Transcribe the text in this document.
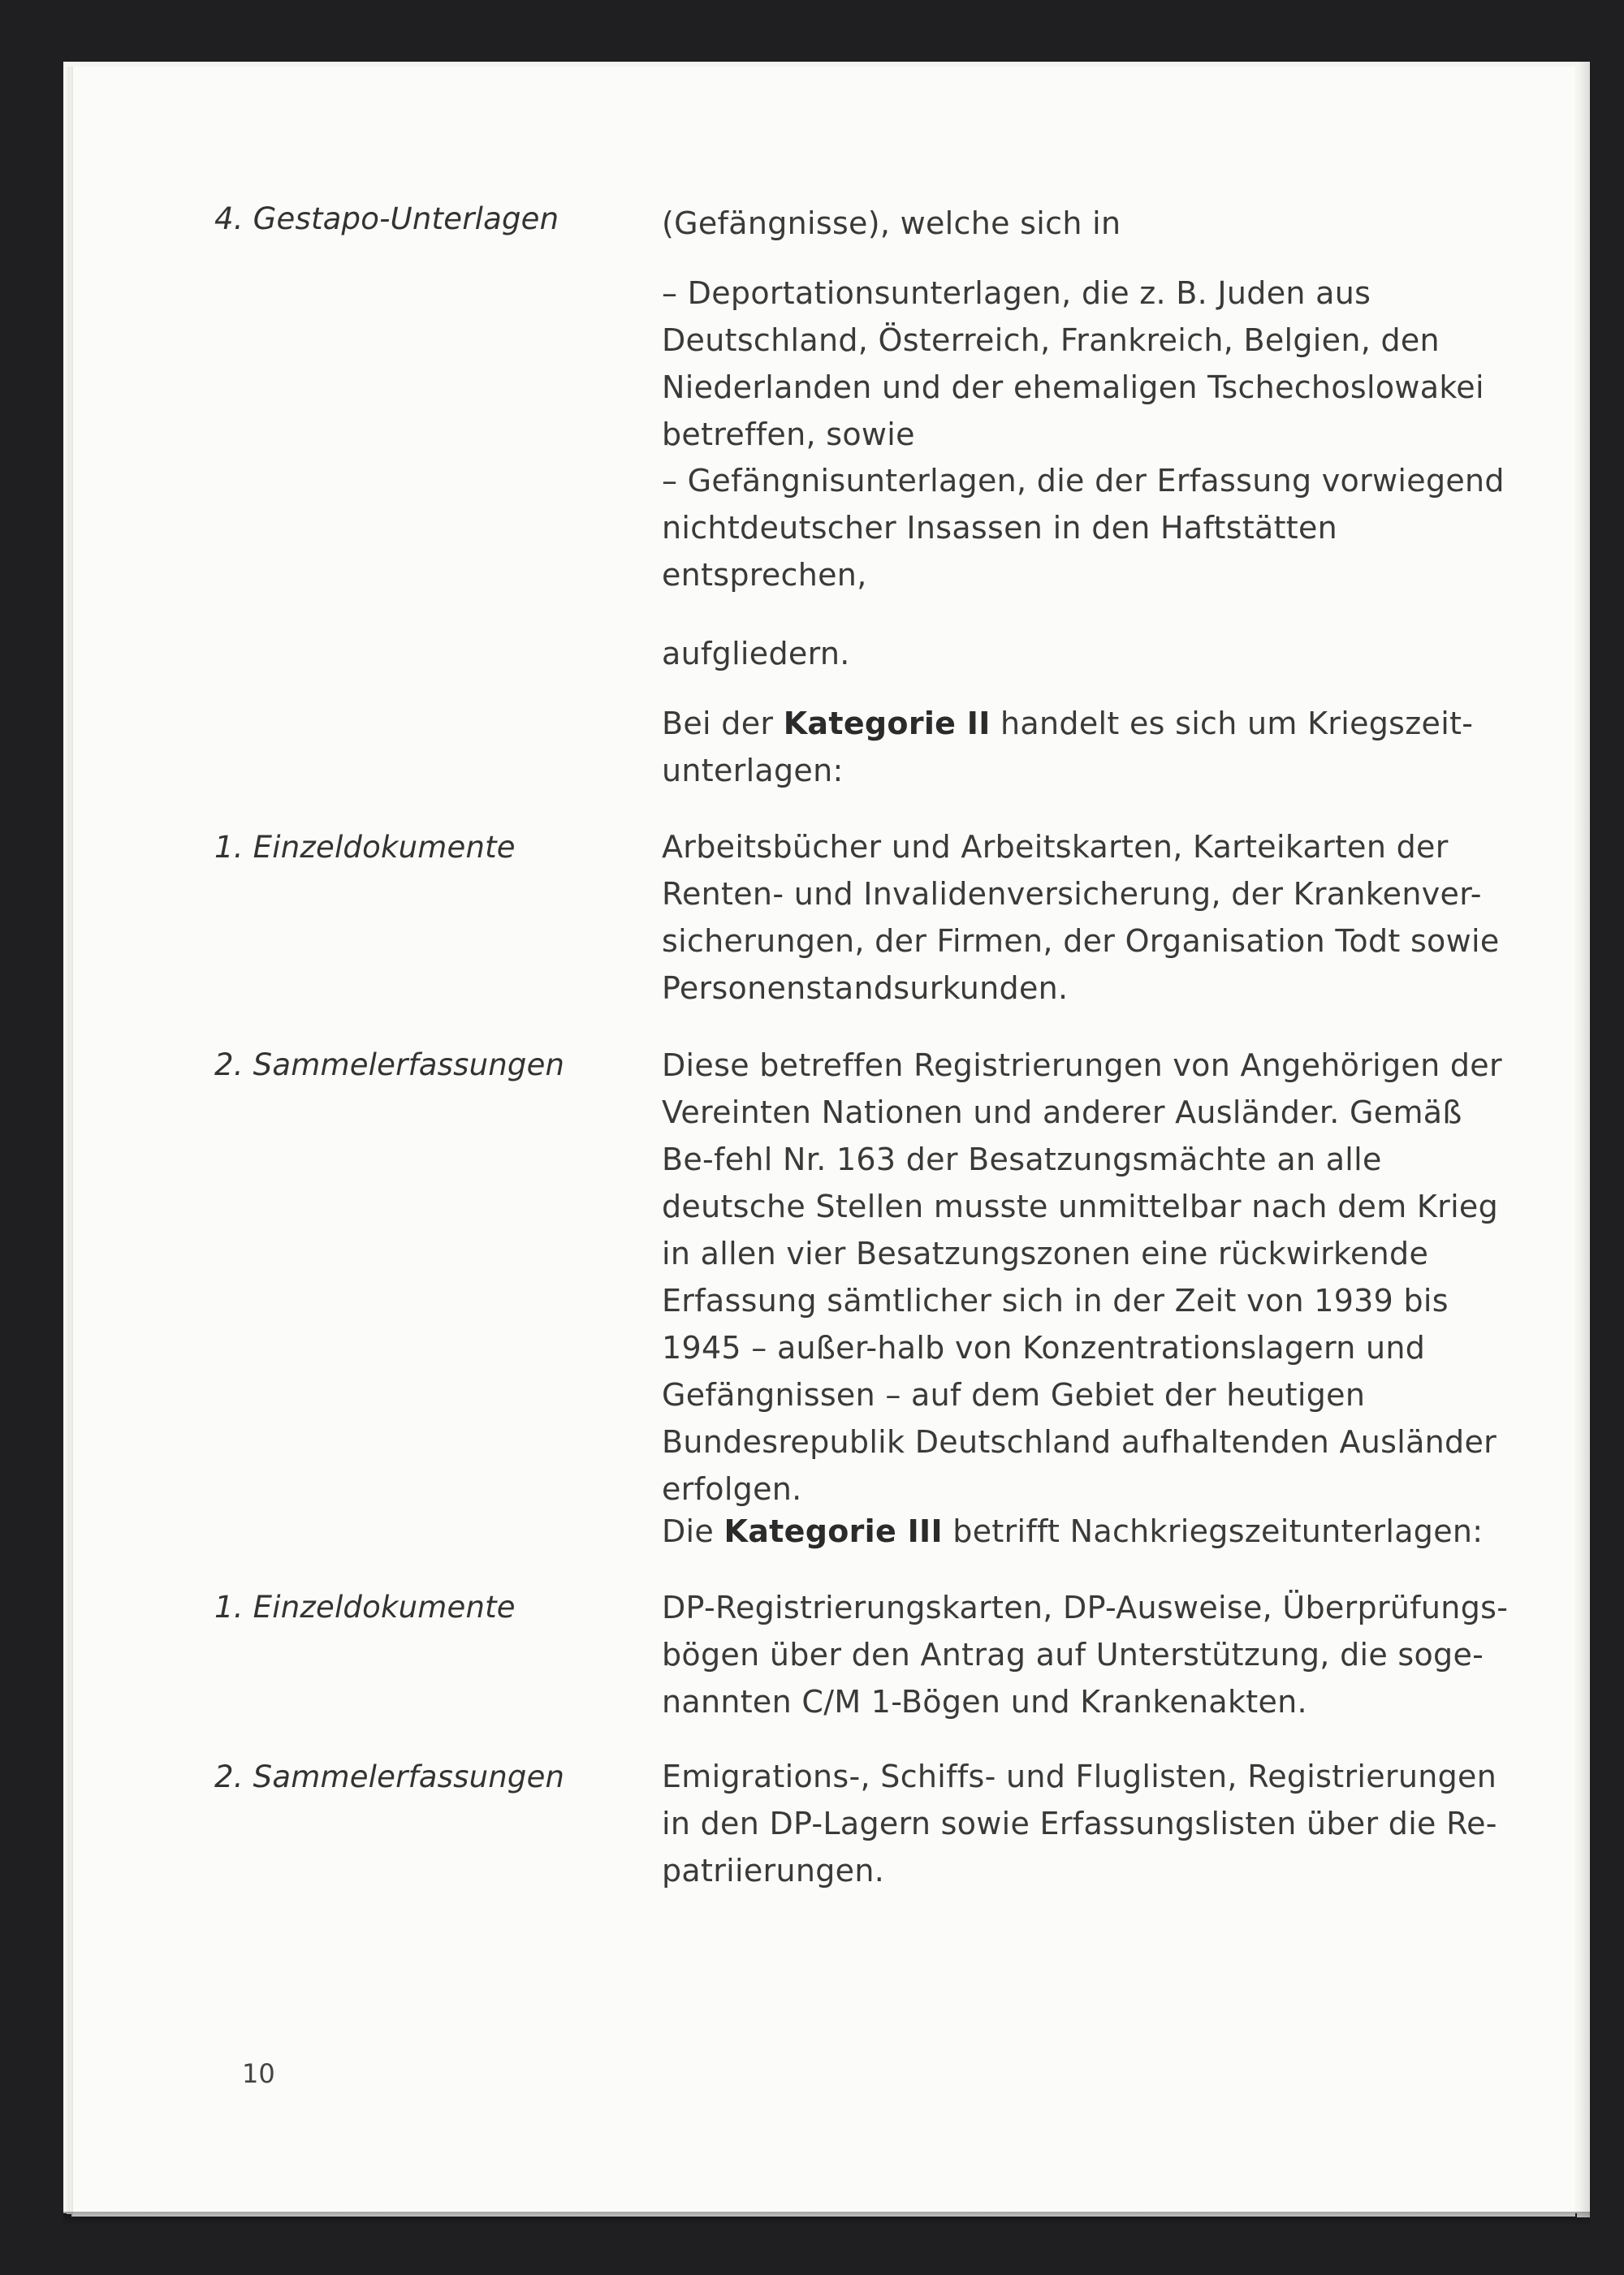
4. Gestapo-Unterlagen	(Gefängnisse), welche sich in
– Deportationsunterlagen, die z. B. Juden aus Deutschland, Österreich, Frankreich, Belgien, den Niederlanden und der ehemaligen Tschechoslowakei betreffen, sowie
– Gefängnisunterlagen, die der Erfassung vorwiegend nichtdeutscher Insassen in den Haftstätten entsprechen,
aufgliedern.
Bei der Kategorie II handelt es sich um Kriegszeit-unterlagen:
1. Einzeldokumente	Arbeitsbücher und Arbeitskarten, Karteikarten der Renten- und Invalidenversicherung, der Krankenver-sicherungen, der Firmen, der Organisation Todt sowie Personenstandsurkunden.
2. Sammelerfassungen	Diese betreffen Registrierungen von Angehörigen der Vereinten Nationen und anderer Ausländer. Gemäß Be-fehl Nr. 163 der Besatzungsmächte an alle deutsche Stellen musste unmittelbar nach dem Krieg in allen vier Besatzungszonen eine rückwirkende Erfassung sämtlicher sich in der Zeit von 1939 bis 1945 – außer-halb von Konzentrationslagern und Gefängnissen – auf dem Gebiet der heutigen Bundesrepublik Deutschland aufhaltenden Ausländer erfolgen.
Die Kategorie III betrifft Nachkriegszeitunterlagen:
1. Einzeldokumente	DP-Registrierungskarten, DP-Ausweise, Überprüfungs-bögen über den Antrag auf Unterstützung, die soge-nannten C/M 1-Bögen und Krankenakten.
2. Sammelerfassungen	Emigrations-, Schiffs- und Fluglisten, Registrierungen in den DP-Lagern sowie Erfassungslisten über die Re-patriierungen.
10
